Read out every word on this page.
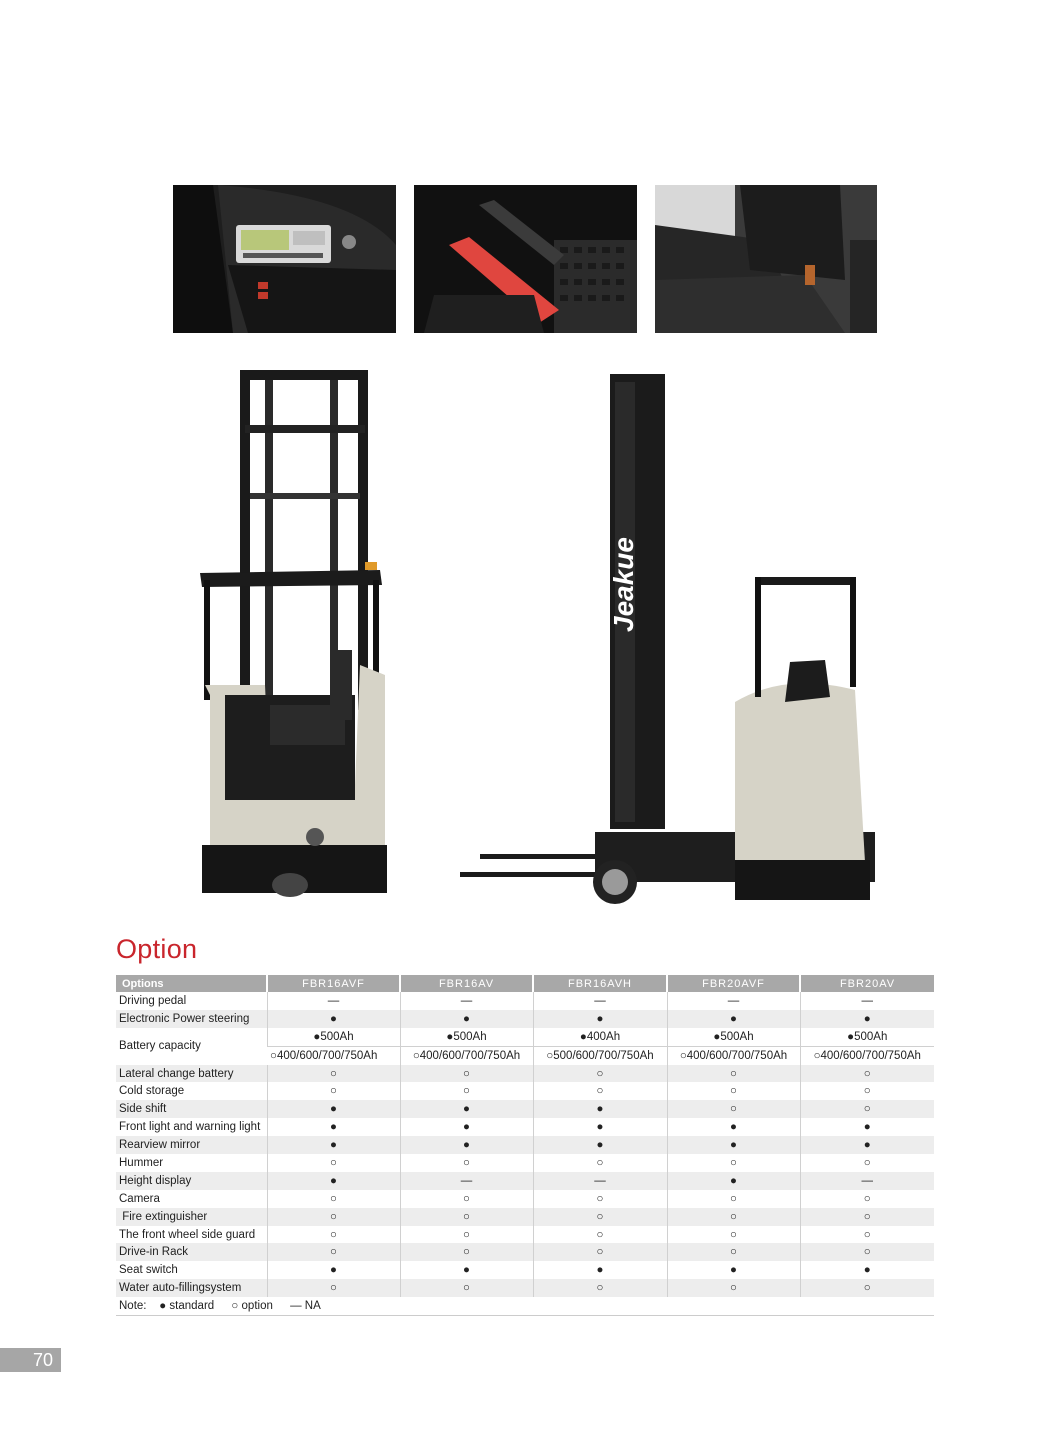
Jeakue
Option
Options	FBR16AVF	FBR16AV	FBR16AVH	FBR20AVF	FBR20AV
Driving pedal	—	—	—	—	—
Electronic Power steering	●	●	●	●	●
Battery capacity	●500Ah	●500Ah	●400Ah	●500Ah	●500Ah
	○400/600/700/750Ah	○400/600/700/750Ah	○500/600/700/750Ah	○400/600/700/750Ah	○400/600/700/750Ah
Lateral change battery	○	○	○	○	○
Cold storage	○	○	○	○	○
Side shift	●	●	●	○	○
Front light and warning light	●	●	●	●	●
Rearview mirror	●	●	●	●	●
Hummer	○	○	○	○	○
Height display	●	—	—	●	—
Camera	○	○	○	○	○
Fire extinguisher	○	○	○	○	○
The front wheel side guard	○	○	○	○	○
Drive-in Rack	○	○	○	○	○
Seat switch	●	●	●	●	●
Water auto-fillingsystem	○	○	○	○	○
Note: ● standard ○ option — NA					
70
